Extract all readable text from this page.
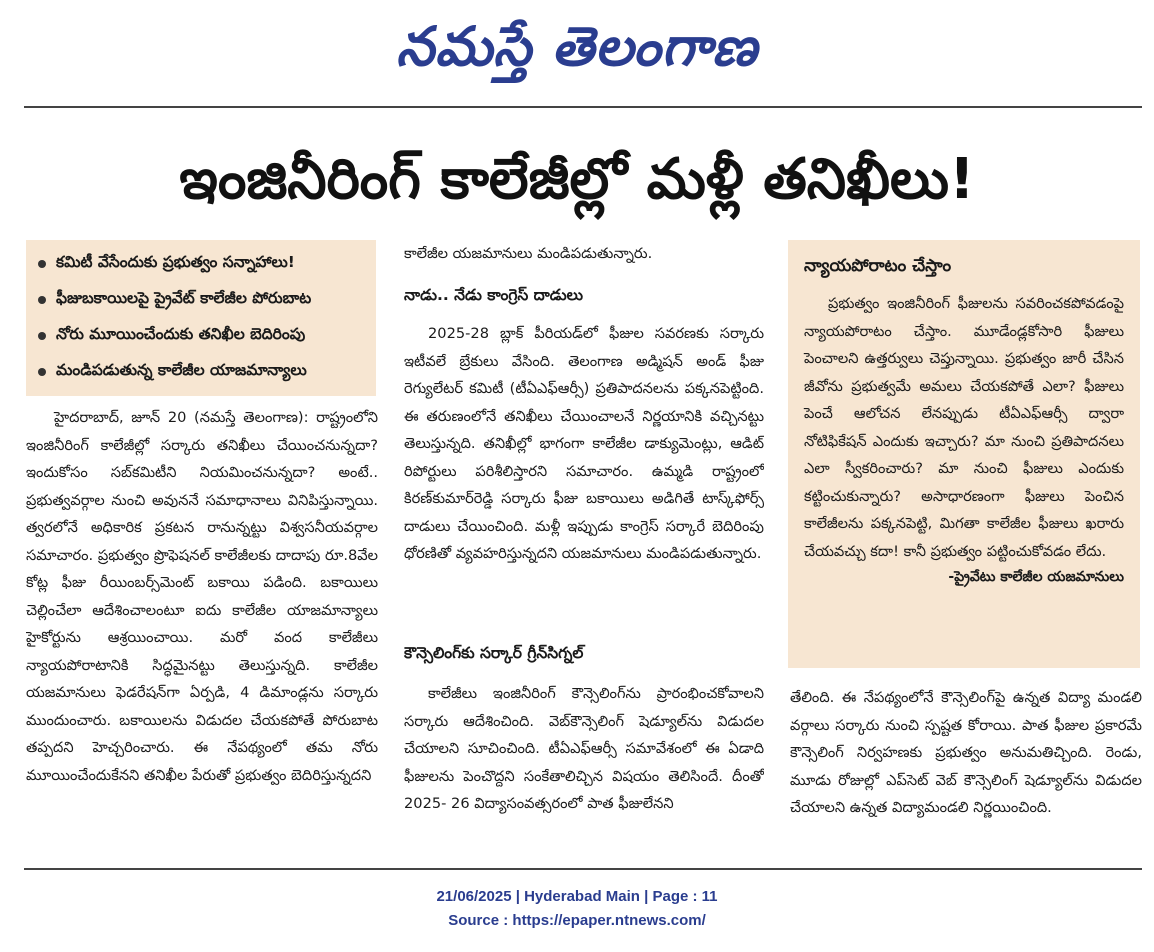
నమస్తే తెలంగాణ
ఇంజినీరింగ్ కాలేజీల్లో మళ్లీ తనిఖీలు!
కమిటీ వేసేందుకు ప్రభుత్వం సన్నాహాలు!
ఫీజుబకాయిలపై ప్రైవేట్ కాలేజీల పోరుబాట
నోరు మూయించేందుకు తనిఖీల బెదిరింపు
మండిపడుతున్న కాలేజీల యాజమాన్యాలు
హైదరాబాద్, జూన్ 20 (నమస్తే తెలంగాణ): రాష్ట్రంలోని ఇంజినీరింగ్ కాలేజీల్లో సర్కారు తనిఖీలు చేయించనున్నదా? ఇందుకోసం సబ్‌కమిటీని నియమించనున్నదా? అంటే.. ప్రభుత్వవర్గాల నుంచి అవుననే సమాధానాలు వినిపిస్తున్నాయి. త్వరలోనే అధికారిక ప్రకటన రానున్నట్టు విశ్వసనీయవర్గాల సమాచారం. ప్రభుత్వం ప్రొఫెషనల్ కాలేజీలకు దాదాపు రూ.8వేల కోట్ల ఫీజు రీయింబర్స్‌మెంట్ బకాయి పడింది. బకాయిలు చెల్లించేలా ఆదేశించాలంటూ ఐదు కాలేజీల యాజమాన్యాలు హైకోర్టును ఆశ్రయించాయి. మరో వంద కాలేజీలు న్యాయపోరాటానికి సిద్ధమైనట్టు తెలుస్తున్నది. కాలేజీల యజమానులు ఫెడరేషన్‌గా ఏర్పడి, 4 డిమాండ్లను సర్కారు ముందుంచారు. బకాయిలను విడుదల చేయకపోతే పోరుబాట తప్పదని హెచ్చరించారు. ఈ నేపథ్యంలో తమ నోరు మూయించేందుకేనని తనిఖీల పేరుతో ప్రభుత్వం బెదిరిస్తున్నదని
కాలేజీల యజమానులు మండిపడుతున్నారు.
నాడు.. నేడు కాంగ్రెస్ దాడులు
2025-28 బ్లాక్ పీరియడ్‌లో ఫీజుల సవరణకు సర్కారు ఇటీవలే బ్రేకులు వేసింది. తెలంగాణ అడ్మిషన్ అండ్ ఫీజు రెగ్యులేటర్ కమిటీ (టీఏఎఫ్ఆర్సీ) ప్రతిపాదనలను పక్కనపెట్టింది. ఈ తరుణంలోనే తనిఖీలు చేయించాలనే నిర్ణయానికి వచ్చినట్టు తెలుస్తున్నది. తనిఖీల్లో భాగంగా కాలేజీల డాక్యుమెంట్లు, ఆడిట్ రిపోర్టులు పరిశీలిస్తారని సమాచారం. ఉమ్మడి రాష్ట్రంలో కిరణ్‌కుమార్‌రెడ్డి సర్కారు ఫీజు బకాయిలు అడిగితే టాస్క్‌ఫోర్స్ దాడులు చేయించింది. మళ్లీ ఇప్పుడు కాంగ్రెస్ సర్కారే బెదిరింపు ధోరణితో వ్యవహరిస్తున్నదని యజమానులు మండిపడుతున్నారు.
కౌన్సెలింగ్‌కు సర్కార్ గ్రీన్‌సిగ్నల్
కాలేజీలు ఇంజినీరింగ్ కౌన్సెలింగ్‌ను ప్రారంభించకోవాలని సర్కారు ఆదేశించింది. వెబ్‌కౌన్సెలింగ్ షెడ్యూల్‌ను విడుదల చేయాలని సూచించింది. టీఏఎఫ్ఆర్సీ సమావేశంలో ఈ ఏడాది ఫీజులను పెంచొద్దని సంకేతాలిచ్చిన విషయం తెలిసిందే. దీంతో 2025- 26 విద్యాసంవత్సరంలో పాత ఫీజులేనని
న్యాయపోరాటం చేస్తాం
ప్రభుత్వం ఇంజినీరింగ్ ఫీజులను సవరించకపోవడంపై న్యాయపోరాటం చేస్తాం. మూడేండ్లకోసారి ఫీజులు పెంచాలని ఉత్తర్వులు చెప్తున్నాయి. ప్రభుత్వం జారీ చేసిన జీవోను ప్రభుత్వమే అమలు చేయకపోతే ఎలా? ఫీజులు పెంచే ఆలోచన లేనప్పుడు టీఏఎఫ్ఆర్సీ ద్వారా నోటిఫికేషన్ ఎందుకు ఇచ్చారు? మా నుంచి ప్రతిపాదనలు ఎలా స్వీకరించారు? మా నుంచి ఫీజులు ఎందుకు కట్టించుకున్నారు? అసాధారణంగా ఫీజులు పెంచిన కాలేజీలను పక్కనపెట్టి, మిగతా కాలేజీల ఫీజులు ఖరారు చేయవచ్చు కదా! కానీ ప్రభుత్వం పట్టించుకోవడం లేదు.
-ప్రైవేటు కాలేజీల యజమానులు
తేలింది. ఈ నేపథ్యంలోనే కౌన్సెలింగ్‌పై ఉన్నత విద్యా మండలి వర్గాలు సర్కారు నుంచి స్పష్టత కోరాయి. పాత ఫీజుల ప్రకారమే కౌన్సెలింగ్ నిర్వహణకు ప్రభుత్వం అనుమతిచ్చింది. రెండు, మూడు రోజుల్లో ఎప్‌సెట్ వెబ్ కౌన్సెలింగ్ షెడ్యూల్‌ను విడుదల చేయాలని ఉన్నత విద్యామండలి నిర్ణయించింది.
21/06/2025 | Hyderabad Main | Page : 11
Source : https://epaper.ntnews.com/
